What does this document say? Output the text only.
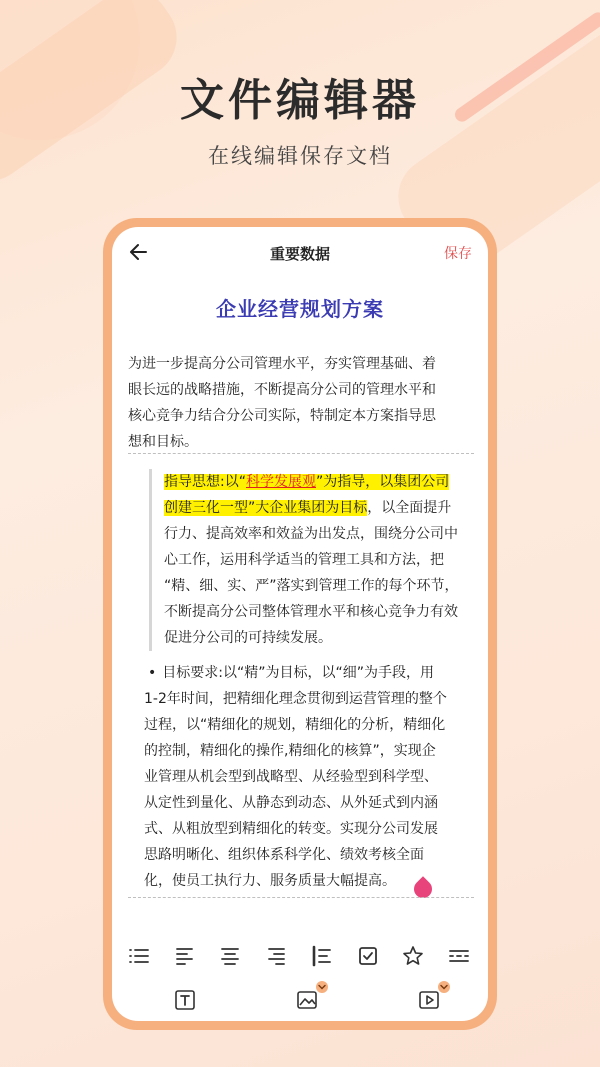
文件编辑器
在线编辑保存文档
重要数据	保存
企业经营规划方案
为进一步提高分公司管理水平，夯实管理基础、着
眼长远的战略措施，不断提高分公司的管理水平和
核心竞争力结合分公司实际，特制定本方案指导思
想和目标。
指导思想:以“科学发展观”为指导，以集团公司
创建三化一型”大企业集团为目标，以全面提升
行力、提高效率和效益为出发点，围绕分公司中
心工作，运用科学适当的管理工具和方法，把
“精、细、实、严”落实到管理工作的每个环节，
不断提高分公司整体管理水平和核心竞争力有效
促进分公司的可持续发展。
• 目标要求:以“精”为目标，以“细”为手段，用
1-2年时间，把精细化理念贯彻到运营管理的整个
过程，以“精细化的规划，精细化的分析，精细化
的控制，精细化的操作,精细化的核算”，实现企
业管理从机会型到战略型、从经验型到科学型、
从定性到量化、从静态到动态、从外延式到内涵
式、从粗放型到精细化的转变。实现分公司发展
思路明晰化、组织体系科学化、绩效考核全面
化，使员工执行力、服务质量大幅提高。
